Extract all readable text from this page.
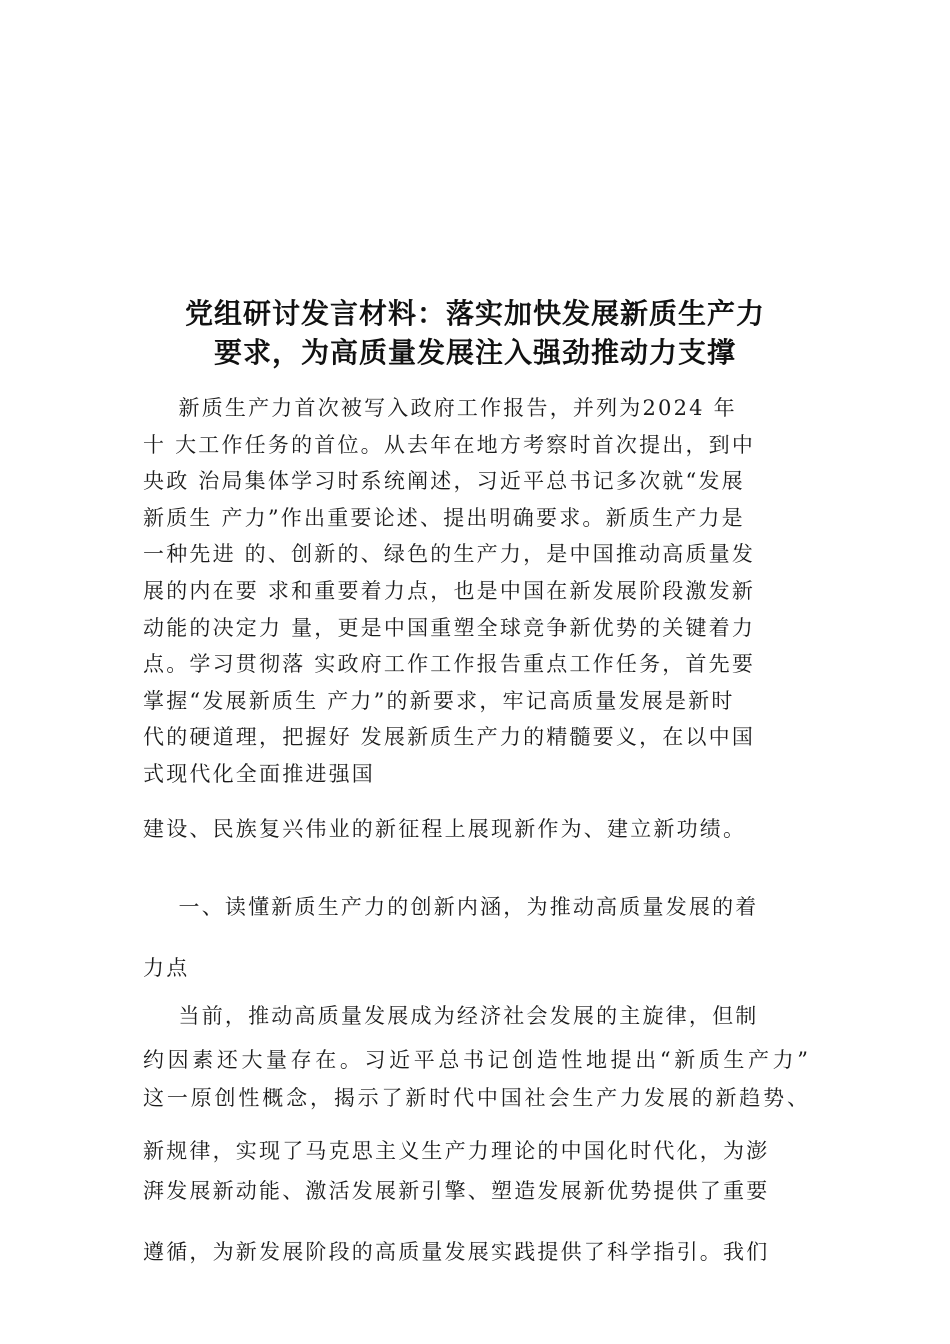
党组研讨发言材料：落实加快发展新质生产力
要求，为高质量发展注入强劲推动力支撑
新质生产力首次被写入政府工作报告，并列为2024 年
十 大工作任务的首位。从去年在地方考察时首次提出，到中
央政 治局集体学习时系统阐述，习近平总书记多次就“发展
新质生 产力”作出重要论述、提出明确要求。新质生产力是
一种先进 的、创新的、绿色的生产力，是中国推动高质量发
展的内在要 求和重要着力点，也是中国在新发展阶段激发新
动能的决定力 量，更是中国重塑全球竞争新优势的关键着力
点。学习贯彻落 实政府工作工作报告重点工作任务，首先要
掌握“发展新质生 产力”的新要求，牢记高质量发展是新时
代的硬道理，把握好 发展新质生产力的精髓要义，在以中国
式现代化全面推进强国
建设、民族复兴伟业的新征程上展现新作为、建立新功绩。
一、读懂新质生产力的创新内涵，为推动高质量发展的着
力点
当前，推动高质量发展成为经济社会发展的主旋律，但制
约因素还大量存在。习近平总书记创造性地提出“新质生产力”
这一原创性概念，揭示了新时代中国社会生产力发展的新趋势、
新规律，实现了马克思主义生产力理论的中国化时代化，为澎
湃发展新动能、激活发展新引擎、塑造发展新优势提供了重要
遵循，为新发展阶段的高质量发展实践提供了科学指引。我们
